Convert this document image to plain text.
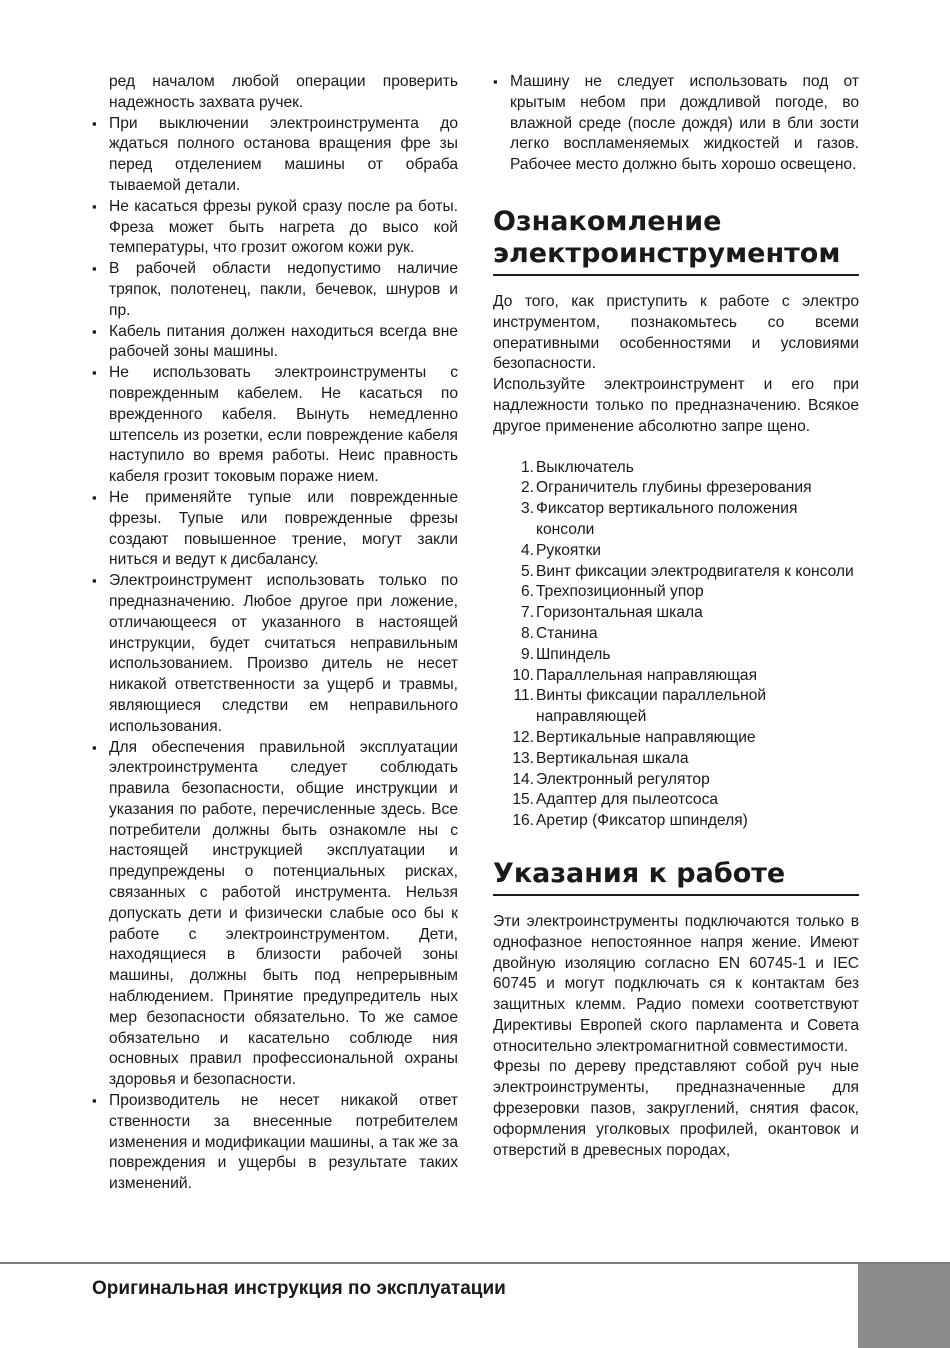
ред началом любой операции проверить надежность захвата ручек.
▪ При выключении электроинструмента до ждаться полного останова вращения фре зы перед отделением машины от обраба тываемой детали.
▪ Не касаться фрезы рукой сразу после ра боты. Фреза может быть нагрета до высо кой температуры, что грозит ожогом кожи рук.
▪ В рабочей области недопустимо наличие тряпок, полотенец, пакли, бечевок, шнуров и пр.
▪ Кабель питания должен находиться всегда вне рабочей зоны машины.
▪ Не использовать электроинструменты с поврежденным кабелем. Не касаться по врежденного кабеля. Вынуть немедленно штепсель из розетки, если повреждение кабеля наступило во время работы. Неис правность кабеля грозит токовым пораже нием.
▪ Не применяйте тупые или поврежденные фрезы. Тупые или поврежденные фрезы создают повышенное трение, могут закли ниться и ведут к дисбалансу.
▪ Электроинструмент использовать только по предназначению. Любое другое при ложение, отличающееся от указанного в настоящей инструкции, будет считаться неправильным использованием. Произво дитель не несет никакой ответственности за ущерб и травмы, являющиеся следстви ем неправильного использования.
▪ Для обеспечения правильной эксплуатации электроинструмента следует соблюдать правила безопасности, общие инструкции и указания по работе, перечисленные здесь. Все потребители должны быть ознакомле ны с настоящей инструкцией эксплуатации и предупреждены о потенциальных рисках, связанных с работой инструмента. Нельзя допускать дети и физически слабые осо бы к работе с электроинструментом. Дети, находящиеся в близости рабочей зоны машины, должны быть под непрерывным наблюдением. Принятие предупредитель ных мер безопасности обязательно. То же самое обязательно и касательно соблюде ния основных правил профессиональной охраны здоровья и безопасности.
▪ Производитель не несет никакой ответ ственности за внесенные потребителем изменения и модификации машины, а так же за повреждения и ущербы в результате таких изменений.
▪ Машину не следует использовать под от крытым небом при дождливой погоде, во влажной среде (после дождя) или в бли зости легко воспламеняемых жидкостей и газов. Рабочее место должно быть хорошо освещено.
Ознакомление
электроинструментом

До того, как приступить к работе с электро инструментом, познакомьтесь со всеми оперативными особенностями и условиями безопасности.

Используйте электроинструмент и его при надлежности только по предназначению. Всякое другое применение абсолютно запре щено.

1. Выключатель
2. Ограничитель глубины фрезерования
3. Фиксатор вертикального положения консоли
4. Рукоятки
5. Винт фиксации электродвигателя к консоли
6. Трехпозиционный упор
7. Горизонтальная шкала
8. Станина
9. Шпиндель
10. Параллельная направляющая
11. Винты фиксации параллельной направляющей
12. Вертикальные направляющие
13. Вертикальная шкала
14. Электронный регулятор
15. Адаптер для пылеотсоса
16. Аретир (Фиксатор шпинделя)
Указания к работе

Эти электроинструменты подключаются только в однофазное непостоянное напря жение. Имеют двойную изоляцию согласно EN 60745-1 и IEC 60745 и могут подключать ся к контактам без защитных клемм. Радио помехи соответствуют Директивы Европей ского парламента и Совета относительно электромагнитной совместимости.

Фрезы по дереву представляют собой руч ные электроинструменты, предназначенные для фрезеровки пазов, закруглений, снятия фасок, оформления уголковых профилей, окантовок и отверстий в древесных породах,

Оригинальная инструкция по эксплуатации
